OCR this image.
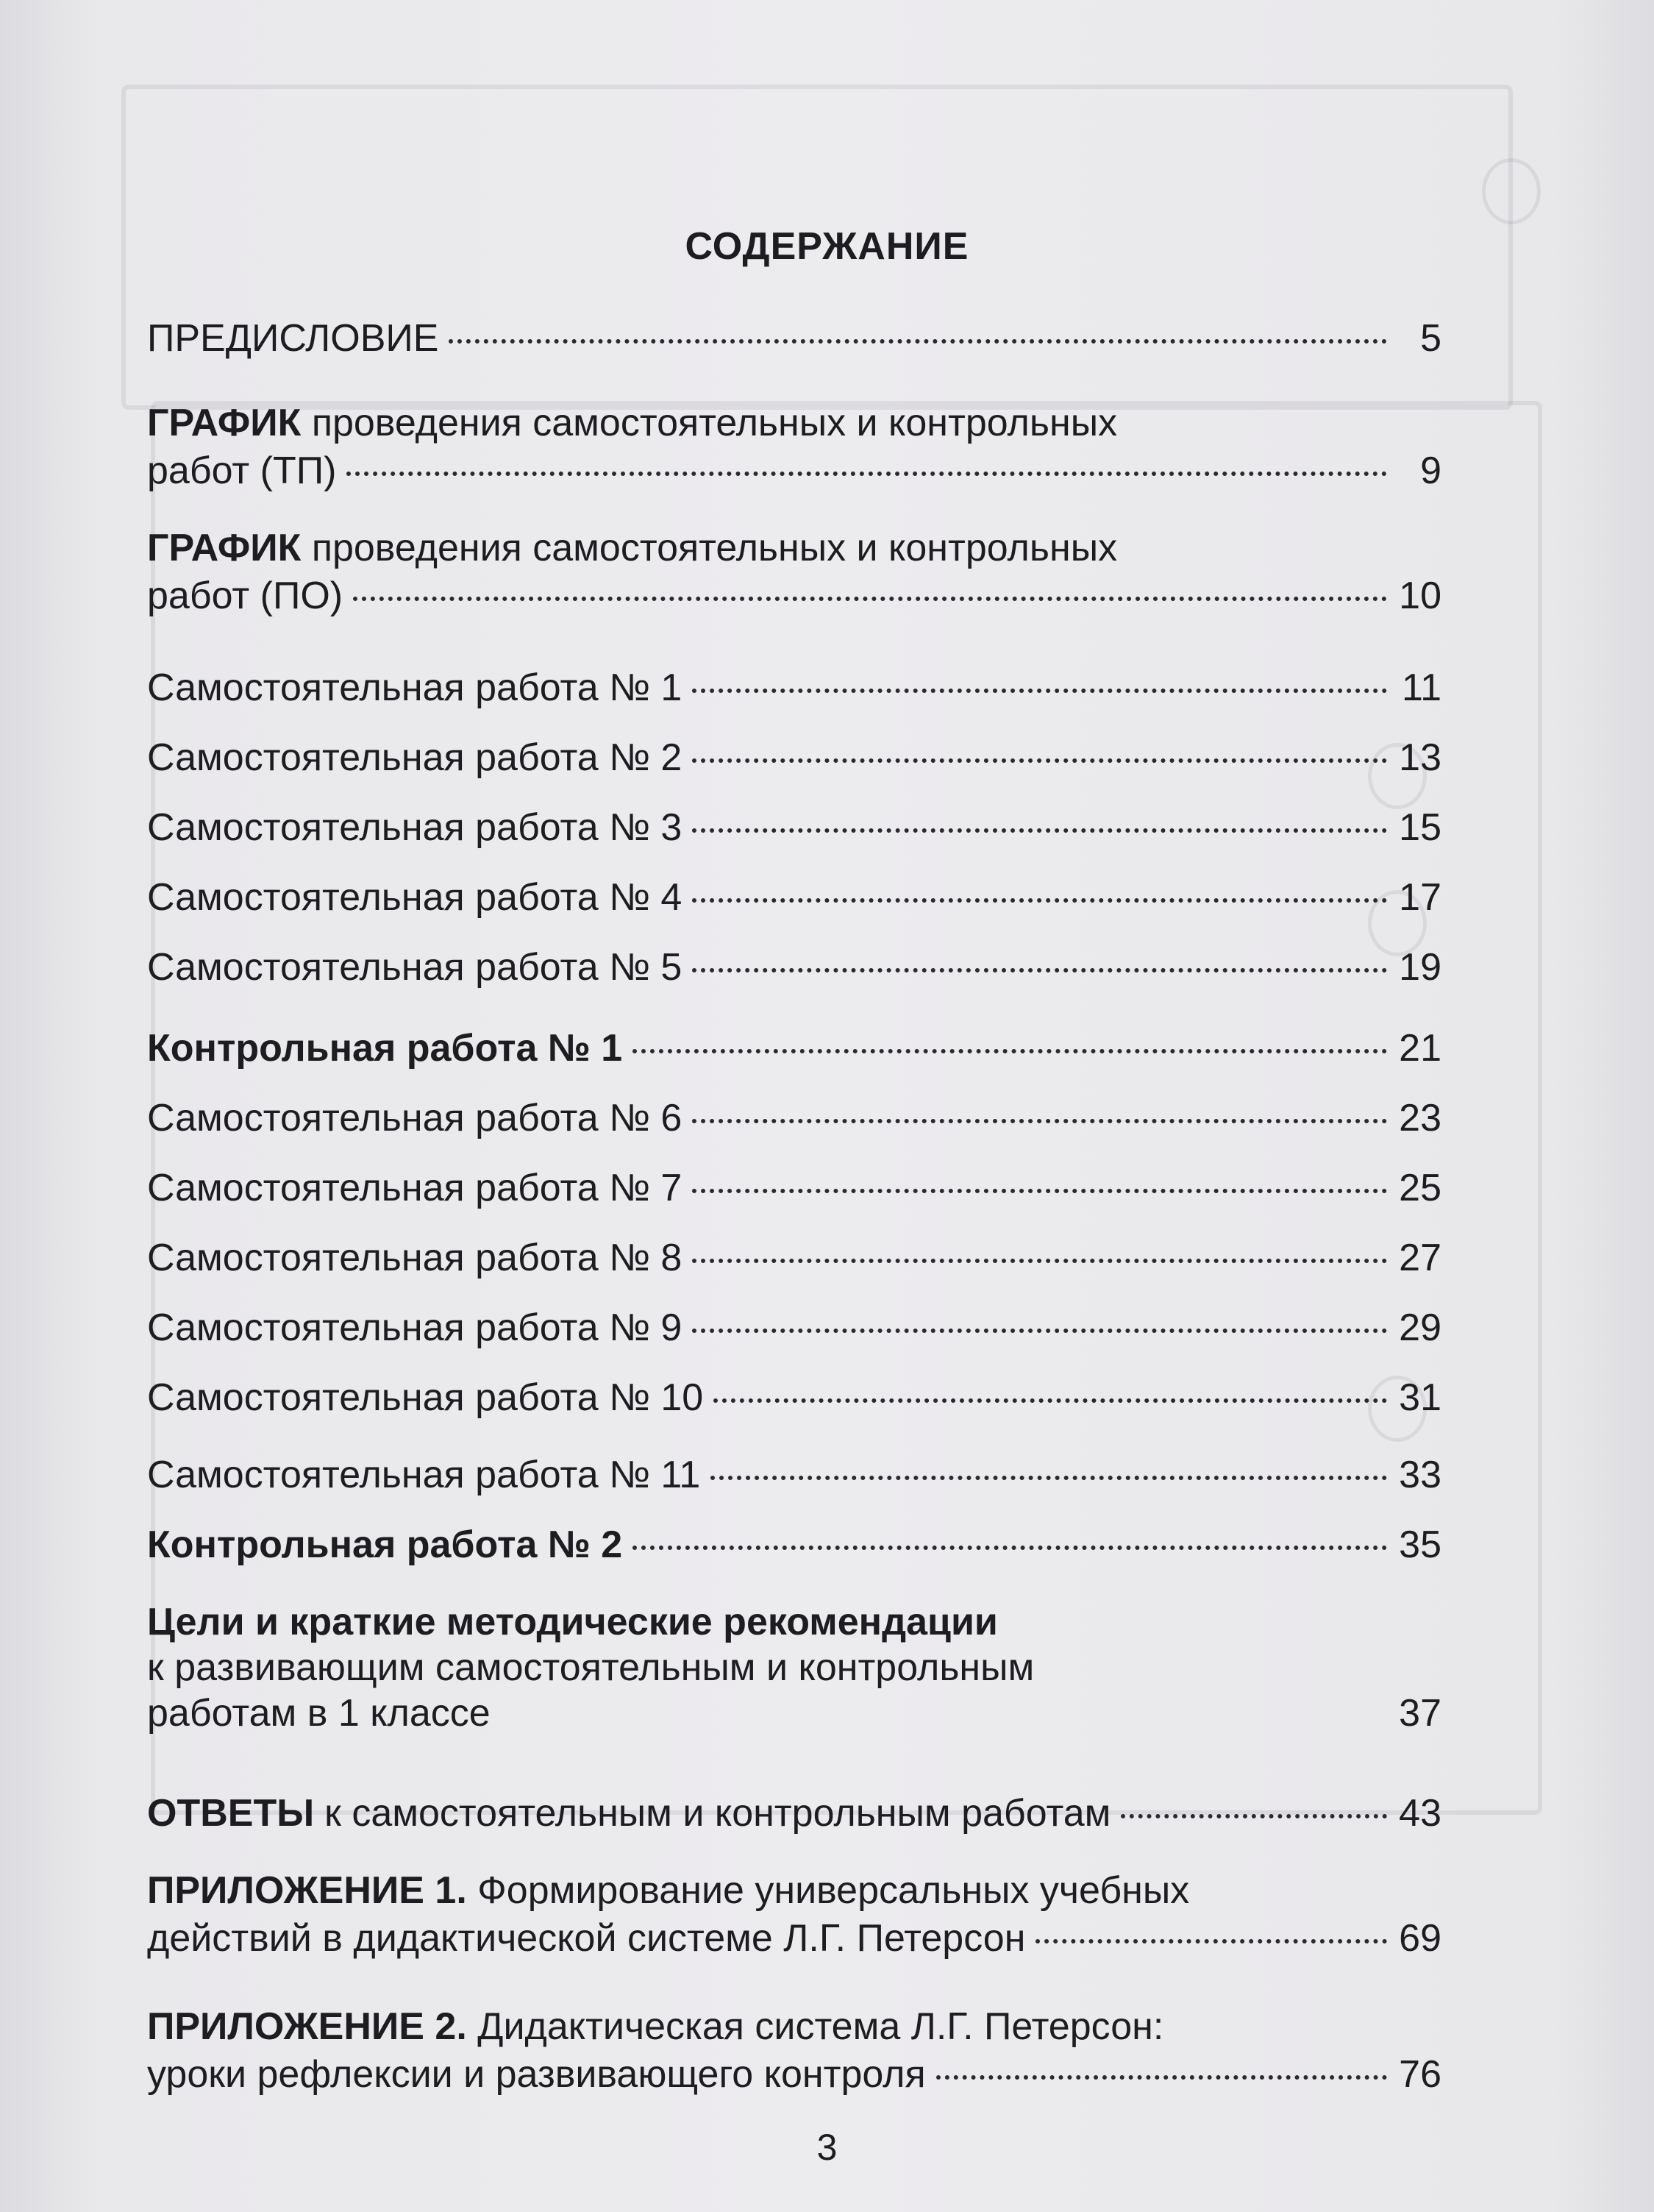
СОДЕРЖАНИЕ
ПРЕДИСЛОВИЕ	5
ГРАФИК проведения самостоятельных и контрольных
работ (ТП)	9
ГРАФИК проведения самостоятельных и контрольных
работ (ПО)	10
Самостоятельная работа № 1	11
Самостоятельная работа № 2	13
Самостоятельная работа № 3	15
Самостоятельная работа № 4	17
Самостоятельная работа № 5	19
Контрольная работа № 1	21
Самостоятельная работа № 6	23
Самостоятельная работа № 7	25
Самостоятельная работа № 8	27
Самостоятельная работа № 9	29
Самостоятельная работа № 10	31
Самостоятельная работа № 11	33
Контрольная работа № 2	35
Цели и краткие методические рекомендации
к развивающим самостоятельным и контрольным
работам в 1 классе	37
ОТВЕТЫ к самостоятельным и контрольным работам	43
ПРИЛОЖЕНИЕ 1. Формирование универсальных учебных
действий в дидактической системе Л.Г. Петерсон	69
ПРИЛОЖЕНИЕ 2. Дидактическая система Л.Г. Петерсон:
уроки рефлексии и развивающего контроля	76
3
